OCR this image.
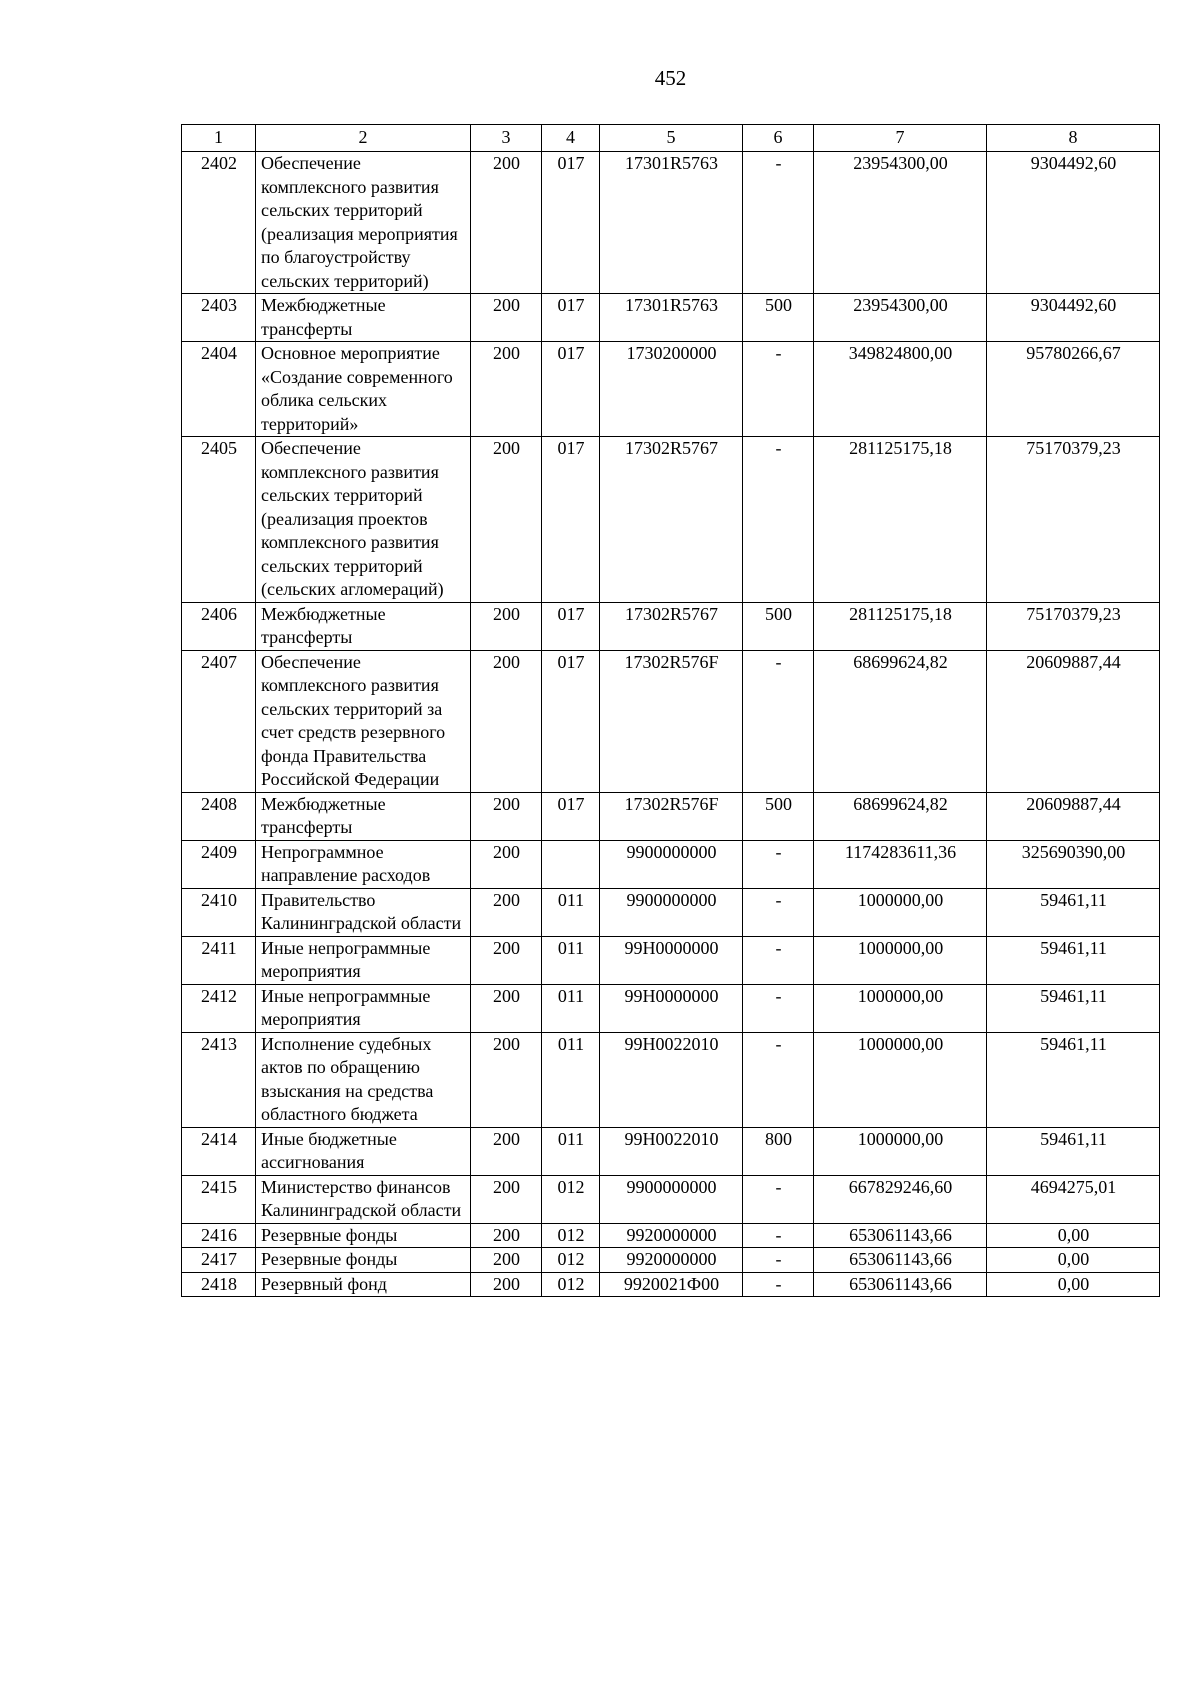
452
1	2	3	4	5	6	7	8
2402	Обеспечение комплексного развития сельских территорий (реализация мероприятия по благоустройству сельских территорий)	200	017	17301R5763	-	23954300,00	9304492,60
2403	Межбюджетные трансферты	200	017	17301R5763	500	23954300,00	9304492,60
2404	Основное мероприятие «Создание современного облика сельских территорий»	200	017	1730200000	-	349824800,00	95780266,67
2405	Обеспечение комплексного развития сельских территорий (реализация проектов комплексного развития сельских территорий (сельских агломераций)	200	017	17302R5767	-	281125175,18	75170379,23
2406	Межбюджетные трансферты	200	017	17302R5767	500	281125175,18	75170379,23
2407	Обеспечение комплексного развития сельских территорий за счет средств резервного фонда Правительства Российской Федерации	200	017	17302R576F	-	68699624,82	20609887,44
2408	Межбюджетные трансферты	200	017	17302R576F	500	68699624,82	20609887,44
2409	Непрограммное направление расходов	200		9900000000	-	1174283611,36	325690390,00
2410	Правительство Калининградской области	200	011	9900000000	-	1000000,00	59461,11
2411	Иные непрограммные мероприятия	200	011	99Н0000000	-	1000000,00	59461,11
2412	Иные непрограммные мероприятия	200	011	99Н0000000	-	1000000,00	59461,11
2413	Исполнение судебных актов по обращению взыскания на средства областного бюджета	200	011	99Н0022010	-	1000000,00	59461,11
2414	Иные бюджетные ассигнования	200	011	99Н0022010	800	1000000,00	59461,11
2415	Министерство финансов Калининградской области	200	012	9900000000	-	667829246,60	4694275,01
2416	Резервные фонды	200	012	9920000000	-	653061143,66	0,00
2417	Резервные фонды	200	012	9920000000	-	653061143,66	0,00
2418	Резервный фонд	200	012	9920021Ф00	-	653061143,66	0,00
